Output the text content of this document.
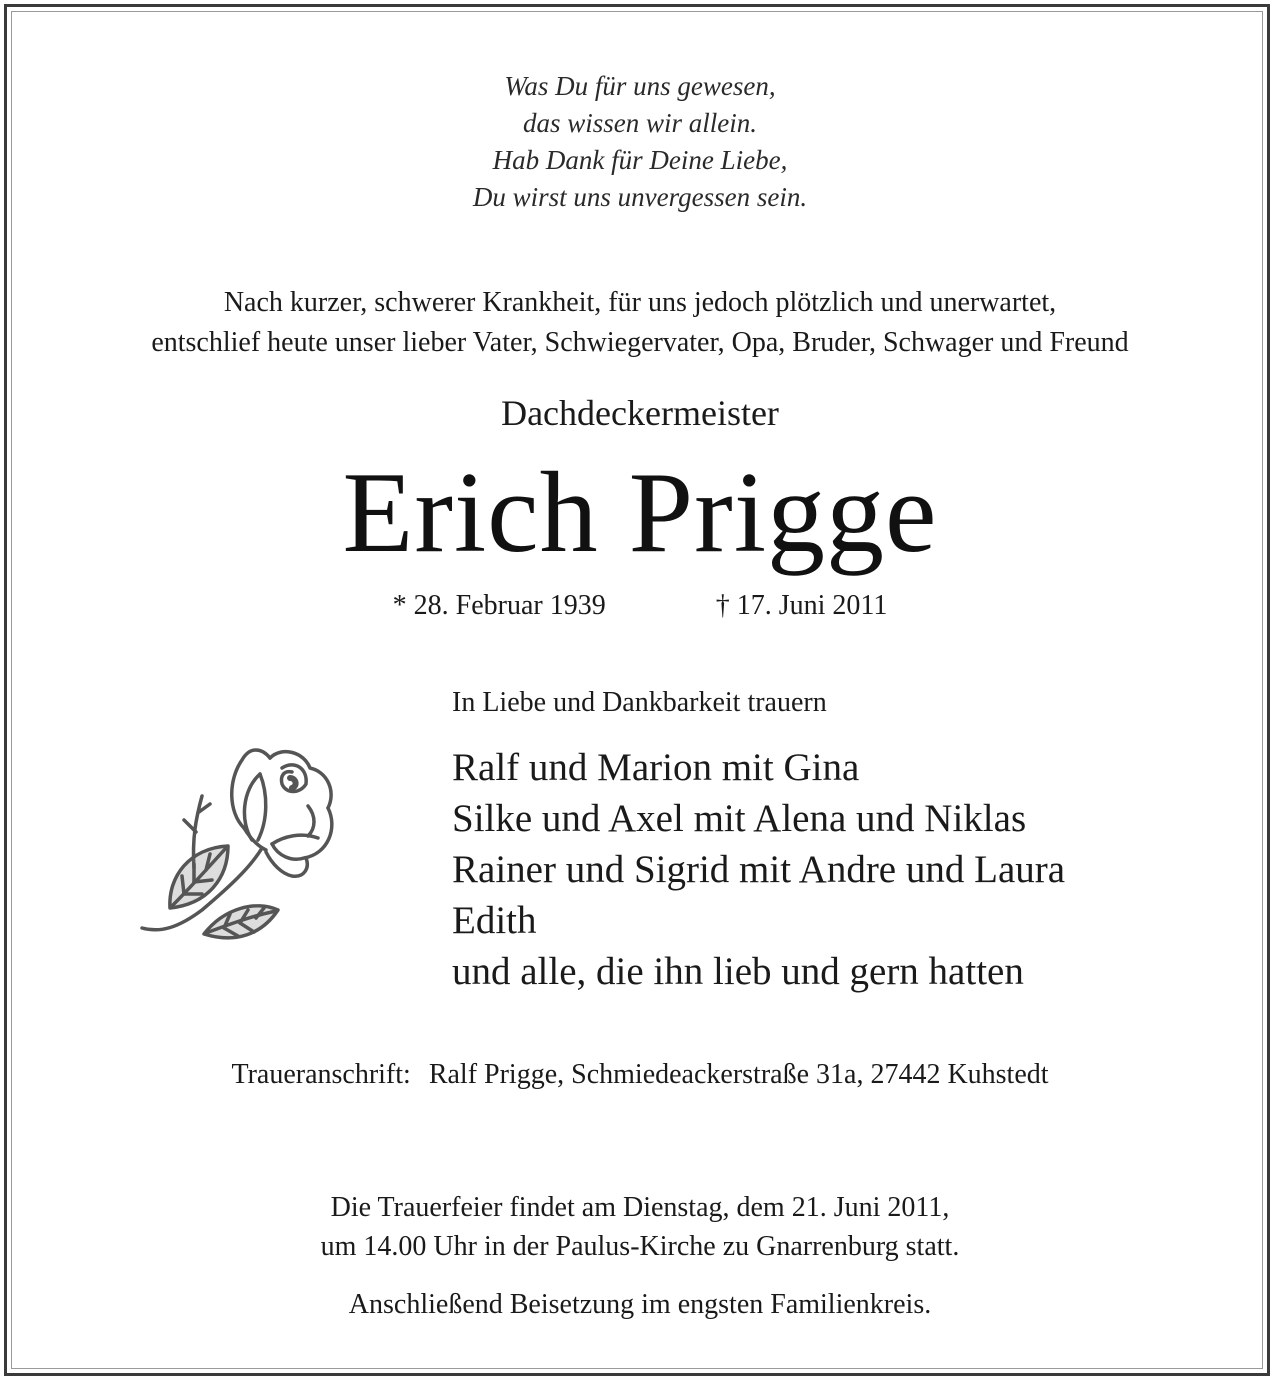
Was Du für uns gewesen,
das wissen wir allein.
Hab Dank für Deine Liebe,
Du wirst uns unvergessen sein.
Nach kurzer, schwerer Krankheit, für uns jedoch plötzlich und unerwartet,
entschlief heute unser lieber Vater, Schwiegervater, Opa, Bruder, Schwager und Freund
Dachdeckermeister
Erich Prigge
* 28. Februar 1939	† 17. Juni 2011
In Liebe und Dankbarkeit trauern
Ralf und Marion mit Gina
Silke und Axel mit Alena und Niklas
Rainer und Sigrid mit Andre und Laura
Edith
und alle, die ihn lieb und gern hatten
Traueranschrift: Ralf Prigge, Schmiedeackerstraße 31a, 27442 Kuhstedt
Die Trauerfeier findet am Dienstag, dem 21. Juni 2011,
um 14.00 Uhr in der Paulus-Kirche zu Gnarrenburg statt.
Anschließend Beisetzung im engsten Familienkreis.
